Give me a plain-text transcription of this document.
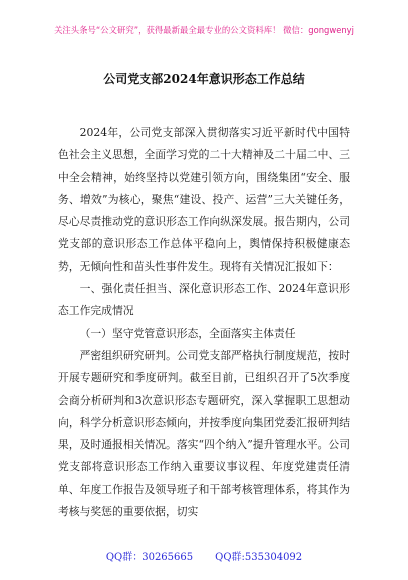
关注头条号“公文研究”，获得最新最全最专业的公文资料库！ 微信：gongwenyj
公司党支部2024年意识形态工作总结

2024年，公司党支部深入贯彻落实习近平新时代中国特色社会主义思想，全面学习党的二十大精神及二十届二中、三中全会精神，始终坚持以党建引领方向，围绕集团“安全、服务、增效”为核心，聚焦“建设、投产、运营”三大关键任务，尽心尽责推动党的意识形态工作向纵深发展。报告期内，公司党支部的意识形态工作总体平稳向上，舆情保持积极健康态势，无倾向性和苗头性事件发生。现将有关情况汇报如下：

一、强化责任担当、深化意识形态工作、2024年意识形态工作完成情况

（一）坚守党管意识形态，全面落实主体责任

严密组织研究研判。公司党支部严格执行制度规范，按时开展专题研究和季度研判。截至目前，已组织召开了5次季度会商分析研判和3次意识形态专题研究，深入掌握职工思想动向，科学分析意识形态倾向，并按季度向集团党委汇报研判结果，及时通报相关情况。落实“四个纳入”提升管理水平。公司党支部将意识形态工作纳入重要议事议程、年度党建责任清单、年度工作报告及领导班子和干部考核管理体系，将其作为考核与奖惩的重要依据，切实

QQ群：30265665 QQ群:535304092
